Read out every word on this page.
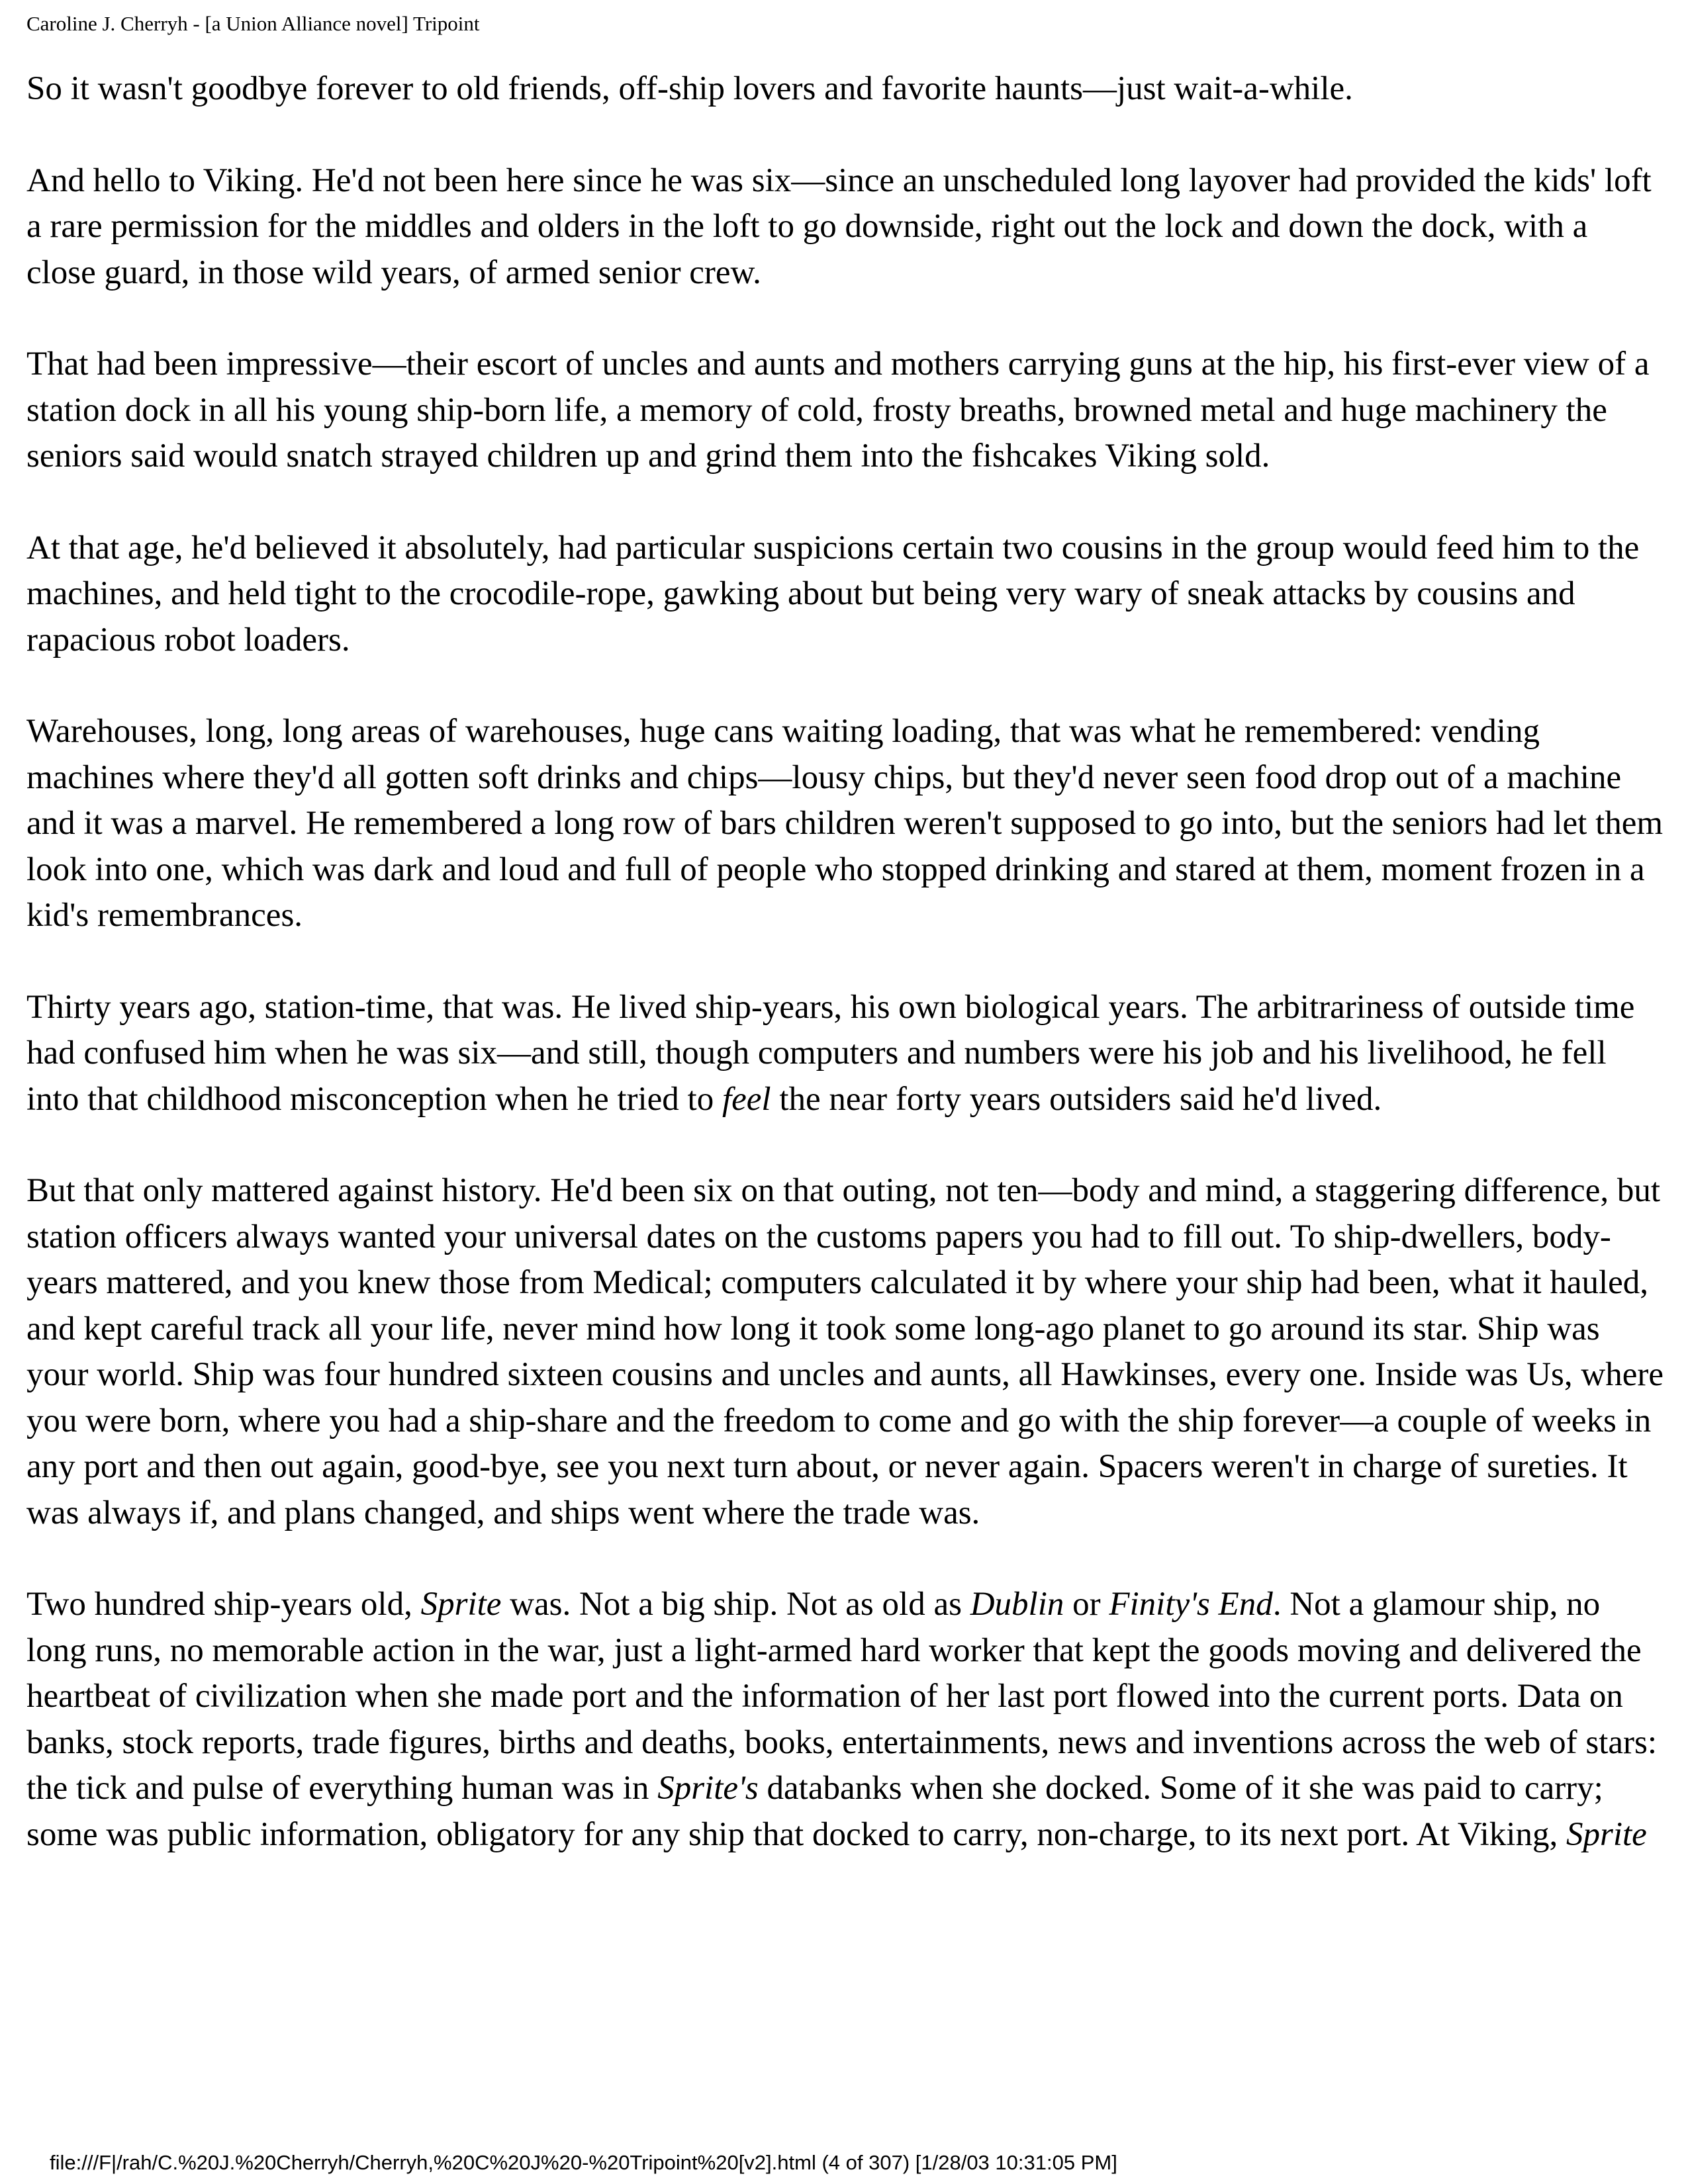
Caroline J. Cherryh - [a Union Alliance novel] Tripoint

So it wasn't goodbye forever to old friends, off-ship lovers and favorite haunts—just wait-a-while.

And hello to Viking. He'd not been here since he was six—since an unscheduled long layover had provided the kids' loft a rare permission for the middles and olders in the loft to go downside, right out the lock and down the dock, with a close guard, in those wild years, of armed senior crew.

That had been impressive—their escort of uncles and aunts and mothers carrying guns at the hip, his first-ever view of a station dock in all his young ship-born life, a memory of cold, frosty breaths, browned metal and huge machinery the seniors said would snatch strayed children up and grind them into the fishcakes Viking sold.

At that age, he'd believed it absolutely, had particular suspicions certain two cousins in the group would feed him to the machines, and held tight to the crocodile-rope, gawking about but being very wary of sneak attacks by cousins and rapacious robot loaders.

Warehouses, long, long areas of warehouses, huge cans waiting loading, that was what he remembered: vending machines where they'd all gotten soft drinks and chips—lousy chips, but they'd never seen food drop out of a machine and it was a marvel. He remembered a long row of bars children weren't supposed to go into, but the seniors had let them look into one, which was dark and loud and full of people who stopped drinking and stared at them, moment frozen in a kid's remembrances.

Thirty years ago, station-time, that was. He lived ship-years, his own biological years. The arbitrariness of outside time had confused him when he was six—and still, though computers and numbers were his job and his livelihood, he fell into that childhood misconception when he tried to feel the near forty years outsiders said he'd lived.

But that only mattered against history. He'd been six on that outing, not ten—body and mind, a staggering difference, but station officers always wanted your universal dates on the customs papers you had to fill out. To ship-dwellers, body-years mattered, and you knew those from Medical; computers calculated it by where your ship had been, what it hauled, and kept careful track all your life, never mind how long it took some long-ago planet to go around its star. Ship was your world. Ship was four hundred sixteen cousins and uncles and aunts, all Hawkinses, every one. Inside was Us, where you were born, where you had a ship-share and the freedom to come and go with the ship forever—a couple of weeks in any port and then out again, good-bye, see you next turn about, or never again. Spacers weren't in charge of sureties. It was always if, and plans changed, and ships went where the trade was.

Two hundred ship-years old, Sprite was. Not a big ship. Not as old as Dublin or Finity's End. Not a glamour ship, no long runs, no memorable action in the war, just a light-armed hard worker that kept the goods moving and delivered the heartbeat of civilization when she made port and the information of her last port flowed into the current ports. Data on banks, stock reports, trade figures, births and deaths, books, entertainments, news and inventions across the web of stars: the tick and pulse of everything human was in Sprite's databanks when she docked. Some of it she was paid to carry; some was public information, obligatory for any ship that docked to carry, non-charge, to its next port. At Viking, Sprite

file:///F|/rah/C.%20J.%20Cherryh/Cherryh,%20C%20J%20-%20Tripoint%20[v2].html (4 of 307) [1/28/03 10:31:05 PM]
